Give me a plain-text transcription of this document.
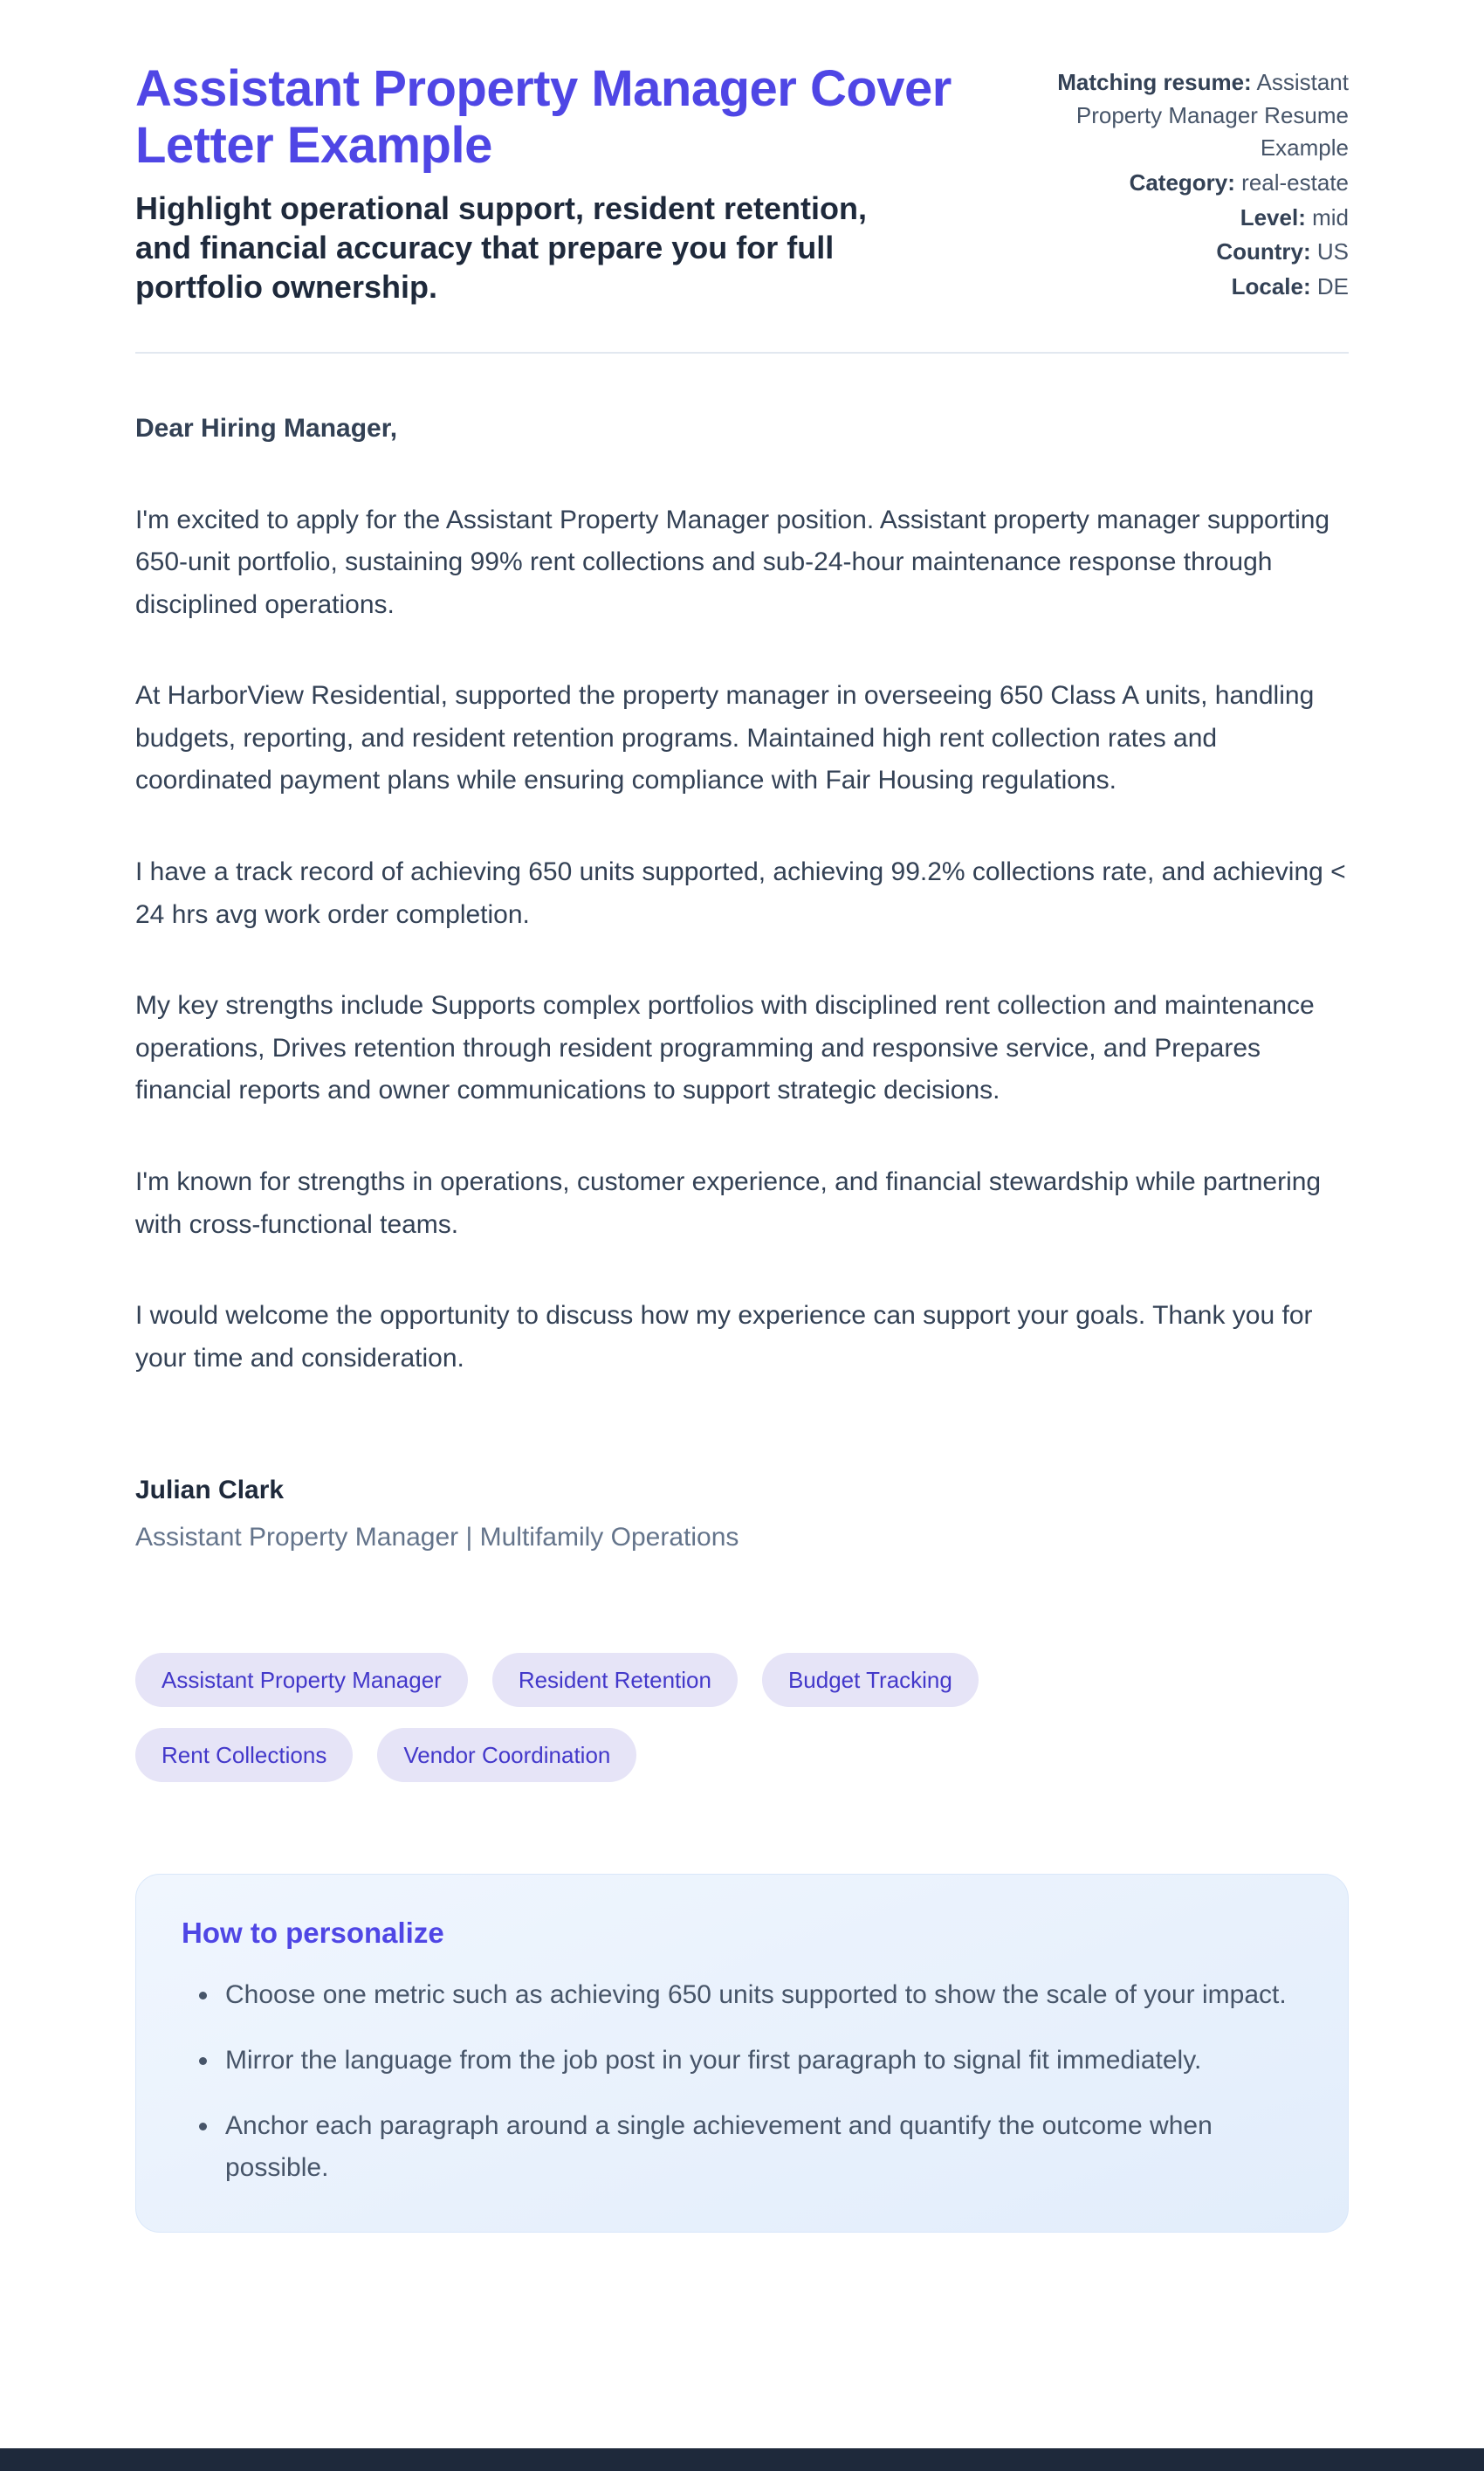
Assistant Property Manager Cover Letter Example
Highlight operational support, resident retention, and financial accuracy that prepare you for full portfolio ownership.
Matching resume: Assistant Property Manager Resume Example
Category: real-estate
Level: mid
Country: US
Locale: DE

Dear Hiring Manager,

I'm excited to apply for the Assistant Property Manager position. Assistant property manager supporting 650-unit portfolio, sustaining 99% rent collections and sub-24-hour maintenance response through disciplined operations.

At HarborView Residential, supported the property manager in overseeing 650 Class A units, handling budgets, reporting, and resident retention programs. Maintained high rent collection rates and coordinated payment plans while ensuring compliance with Fair Housing regulations.

I have a track record of achieving 650 units supported, achieving 99.2% collections rate, and achieving < 24 hrs avg work order completion.

My key strengths include Supports complex portfolios with disciplined rent collection and maintenance operations, Drives retention through resident programming and responsive service, and Prepares financial reports and owner communications to support strategic decisions.

I'm known for strengths in operations, customer experience, and financial stewardship while partnering with cross-functional teams.

I would welcome the opportunity to discuss how my experience can support your goals. Thank you for your time and consideration.

Julian Clark
Assistant Property Manager | Multifamily Operations
Assistant Property Manager	Resident Retention	Budget Tracking
Rent Collections	Vendor Coordination
How to personalize
• Choose one metric such as achieving 650 units supported to show the scale of your impact.
• Mirror the language from the job post in your first paragraph to signal fit immediately.
• Anchor each paragraph around a single achievement and quantify the outcome when possible.
